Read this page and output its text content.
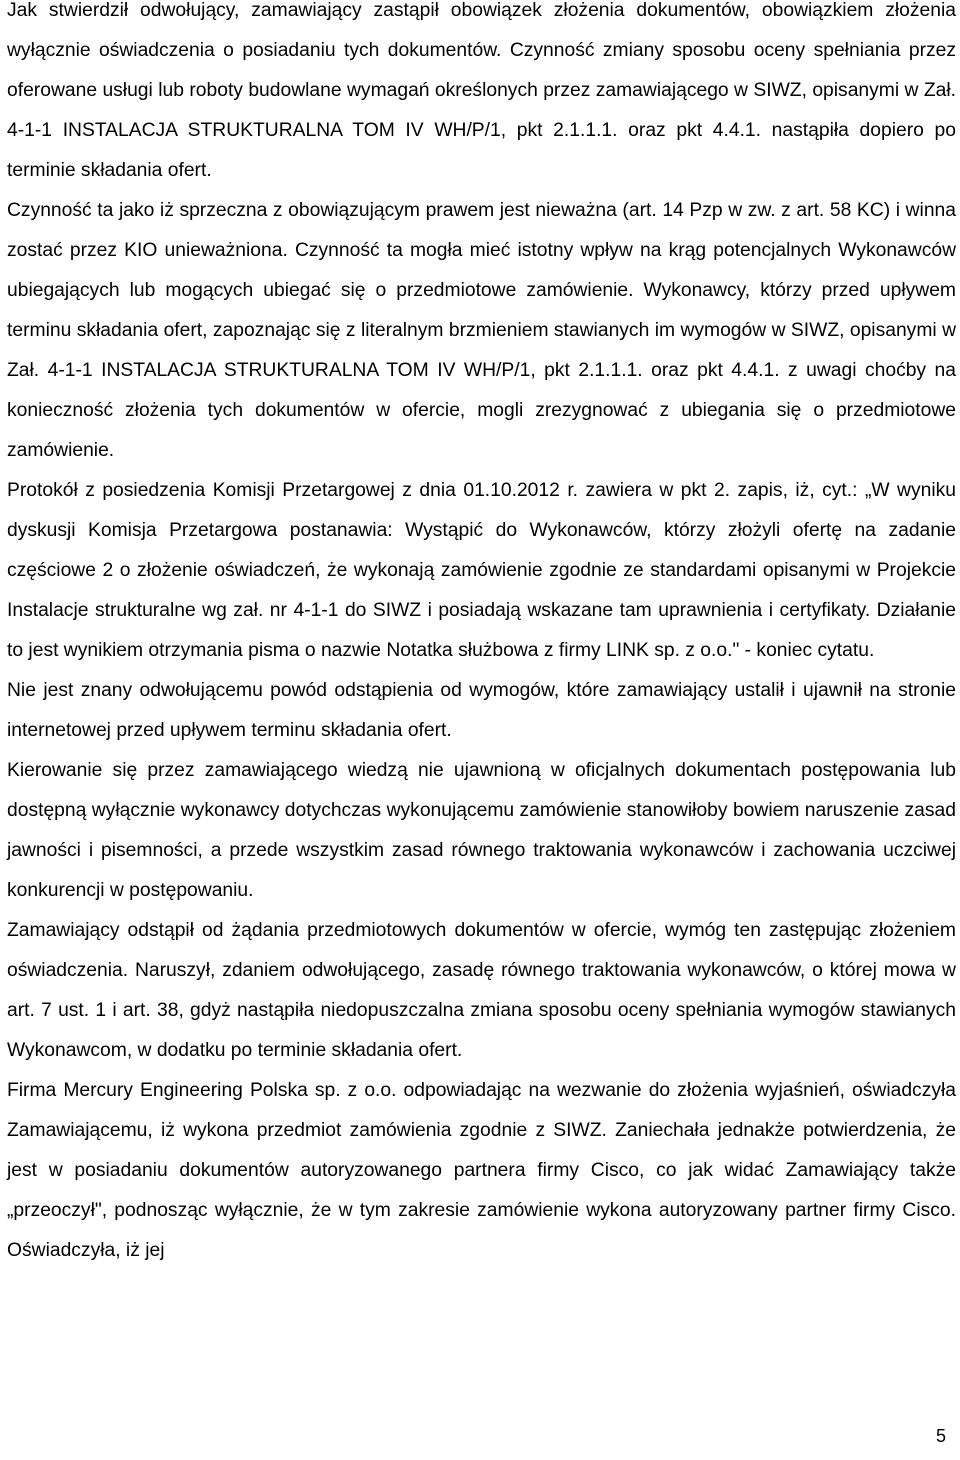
Jak stwierdził odwołujący, zamawiający zastąpił obowiązek złożenia dokumentów, obowiązkiem złożenia wyłącznie oświadczenia o posiadaniu tych dokumentów. Czynność zmiany sposobu oceny spełniania przez oferowane usługi lub roboty budowlane wymagań określonych przez zamawiającego w SIWZ, opisanymi w Zał. 4-1-1 INSTALACJA STRUKTURALNA TOM IV WH/P/1, pkt 2.1.1.1. oraz pkt 4.4.1. nastąpiła dopiero po terminie składania ofert.

Czynność ta jako iż sprzeczna z obowiązującym prawem jest nieważna (art. 14 Pzp w zw. z art. 58 KC) i winna zostać przez KIO unieważniona. Czynność ta mogła mieć istotny wpływ na krąg potencjalnych Wykonawców ubiegających lub mogących ubiegać się o przedmiotowe zamówienie. Wykonawcy, którzy przed upływem terminu składania ofert, zapoznając się z literalnym brzmieniem stawianych im wymogów w SIWZ, opisanymi w Zał. 4-1-1 INSTALACJA STRUKTURALNA TOM IV WH/P/1, pkt 2.1.1.1. oraz pkt 4.4.1. z uwagi choćby na konieczność złożenia tych dokumentów w ofercie, mogli zrezygnować z ubiegania się o przedmiotowe zamówienie.

Protokół z posiedzenia Komisji Przetargowej z dnia 01.10.2012 r. zawiera w pkt 2. zapis, iż, cyt.: „W wyniku dyskusji Komisja Przetargowa postanawia: Wystąpić do Wykonawców, którzy złożyli ofertę na zadanie częściowe 2 o złożenie oświadczeń, że wykonają zamówienie zgodnie ze standardami opisanymi w Projekcie Instalacje strukturalne wg zał. nr 4-1-1 do SIWZ i posiadają wskazane tam uprawnienia i certyfikaty. Działanie to jest wynikiem otrzymania pisma o nazwie Notatka służbowa z firmy LINK sp. z o.o." - koniec cytatu.

Nie jest znany odwołującemu powód odstąpienia od wymogów, które zamawiający ustalił i ujawnił na stronie internetowej przed upływem terminu składania ofert.

Kierowanie się przez zamawiającego wiedzą nie ujawnioną w oficjalnych dokumentach postępowania lub dostępną wyłącznie wykonawcy dotychczas wykonującemu zamówienie stanowiłoby bowiem naruszenie zasad jawności i pisemności, a przede wszystkim zasad równego traktowania wykonawców i zachowania uczciwej konkurencji w postępowaniu.

Zamawiający odstąpił od żądania przedmiotowych dokumentów w ofercie, wymóg ten zastępując złożeniem oświadczenia. Naruszył, zdaniem odwołującego, zasadę równego traktowania wykonawców, o której mowa w art. 7 ust. 1 i art. 38, gdyż nastąpiła niedopuszczalna zmiana sposobu oceny spełniania wymogów stawianych Wykonawcom, w dodatku po terminie składania ofert.

Firma Mercury Engineering Polska sp. z o.o. odpowiadając na wezwanie do złożenia wyjaśnień, oświadczyła Zamawiającemu, iż wykona przedmiot zamówienia zgodnie z SIWZ. Zaniechała jednakże potwierdzenia, że jest w posiadaniu dokumentów autoryzowanego partnera firmy Cisco, co jak widać Zamawiający także „przeoczył", podnosząc wyłącznie, że w tym zakresie zamówienie wykona autoryzowany partner firmy Cisco. Oświadczyła, iż jej

5
